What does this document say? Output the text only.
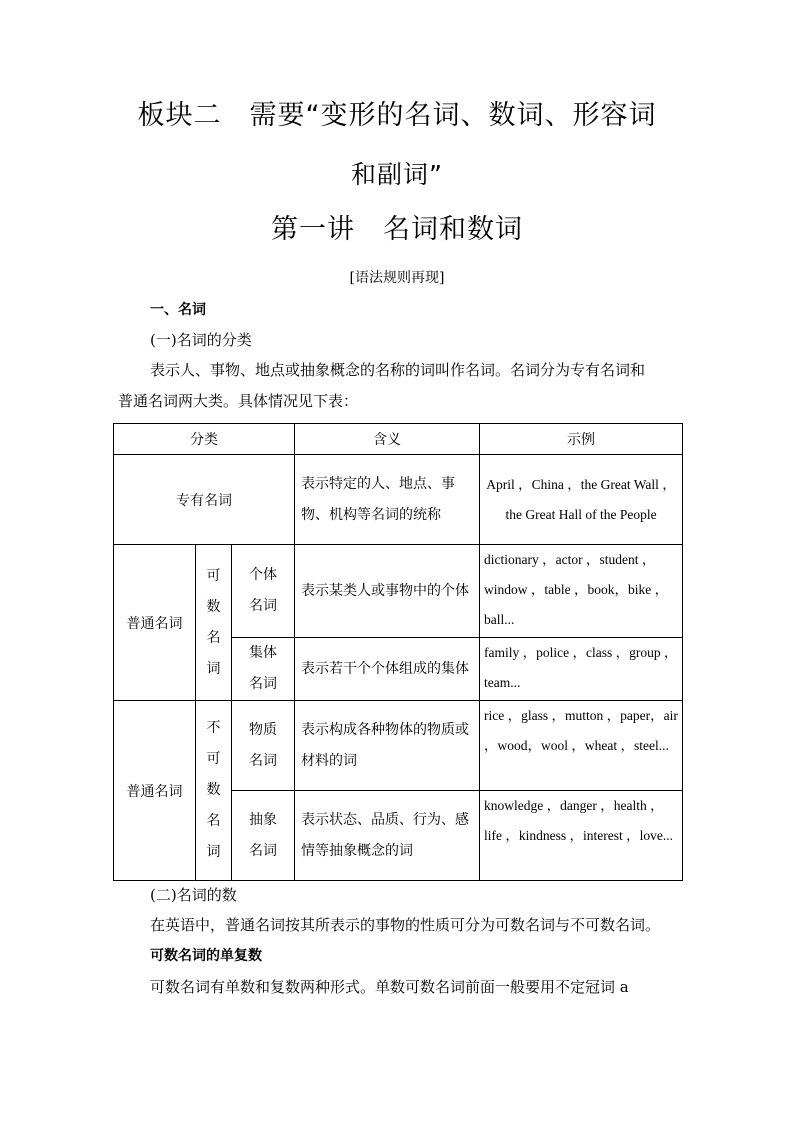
板块二　需要“变形的名词、数词、形容词
和副词”
第一讲　名词和数词
[语法规则再现]
一、名词
(一)名词的分类
表示人、事物、地点或抽象概念的名称的词叫作名词。名词分为专有名词和
普通名词两大类。具体情况见下表：
分类			含义	示例
专有名词			表示特定的人、地点、事物、机构等名词的统称	April ，China ，the Great Wall ，the Great Hall of the People
普通名词	可
数
名
词	个体名词	表示某类人或事物中的个体	dictionary ，actor ，student ，window ，table ，book，bike ，ball...

		集体名词	表示若干个个体组成的集体	family ，police ，class ，group ，team...
普通名词	不
可
数
名
词	物质名词	表示构成各种物体的物质或材料的词	rice ，glass ，mutton ，paper，air ，wood，wool ，wheat ，steel...

		抽象名词	表示状态、品质、行为、感情等抽象概念的词	knowledge ，danger ，health ，life ，kindness ，interest ，love...
(二)名词的数
在英语中，普通名词按其所表示的事物的性质可分为可数名词与不可数名词。
可数名词的单复数
可数名词有单数和复数两种形式。单数可数名词前面一般要用不定冠词 a
